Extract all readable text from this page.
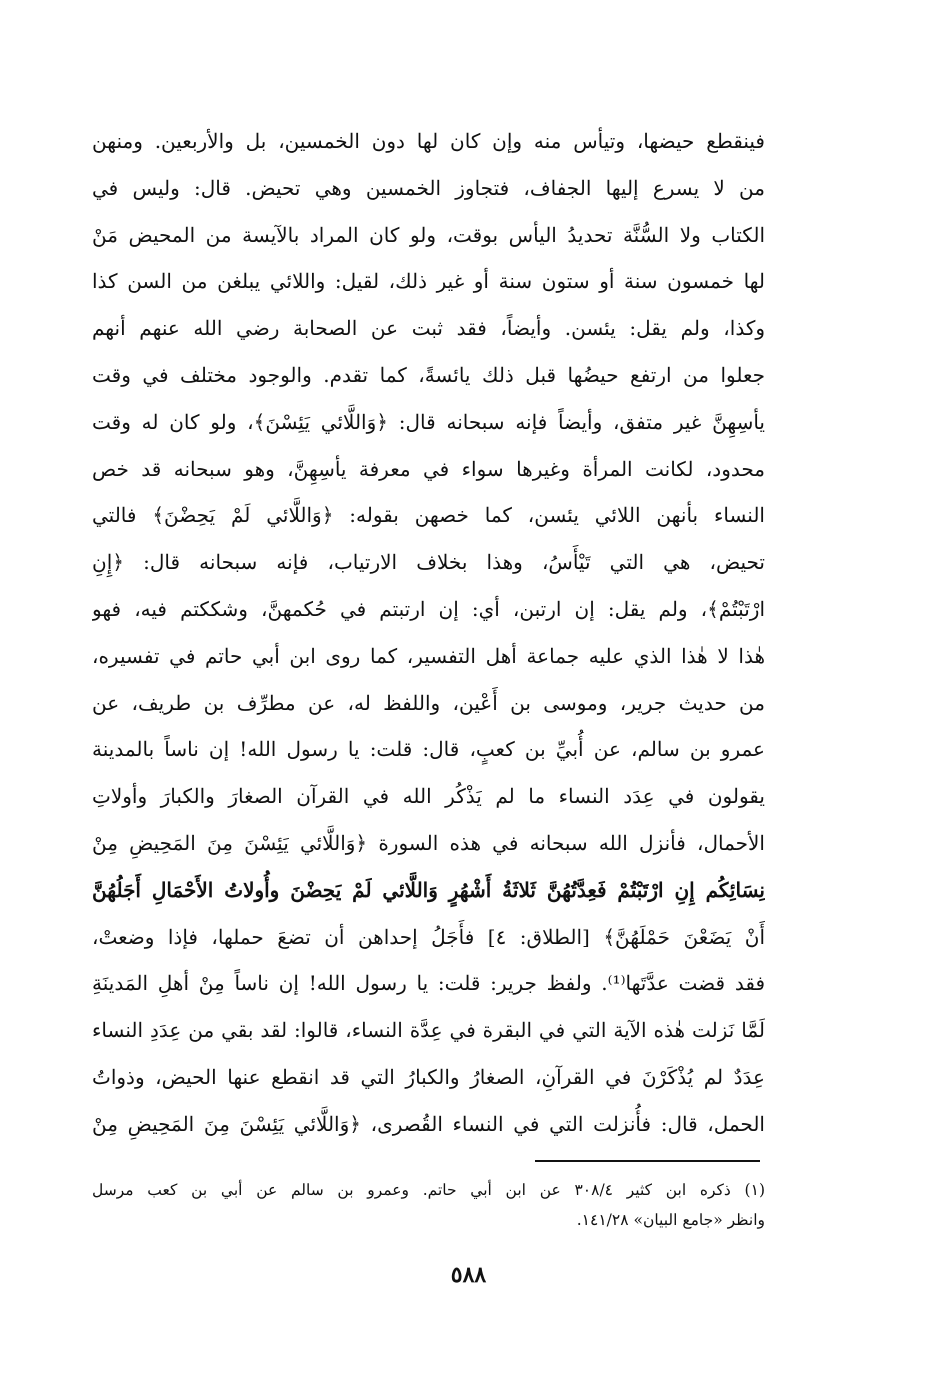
فينقطع حيضها، وتيأس منه وإن كان لها دون الخمسين، بل والأربعين. ومنهن
من لا يسرع إليها الجفاف، فتجاوز الخمسين وهي تحيض. قال: وليس في
الكتاب ولا السُّنَّة تحديدُ اليأس بوقت، ولو كان المراد بالآيسة من المحيض مَنْ
لها خمسون سنة أو ستون سنة أو غير ذلك، لقيل: واللائي يبلغن من السن كذا
وكذا، ولم يقل: يئسن. وأيضاً، فقد ثبت عن الصحابة رضي الله عنهم أنهم
جعلوا من ارتفع حيضُها قبل ذلك يائسةً، كما تقدم. والوجود مختلف في وقت
يأسِهِنَّ غير متفق، وأيضاً فإنه سبحانه قال: ﴿وَاللَّائي يَئِسْنَ﴾، ولو كان له وقت
محدود، لكانت المرأة وغيرها سواء في معرفة يأسِهِنَّ، وهو سبحانه قد خص
النساء بأنهن اللائي يئسن، كما خصهن بقوله: ﴿وَاللَّائي لَمْ يَحِضْنَ﴾ فالتي
تحيض، هي التي تَيْأَسُ، وهذا بخلاف الارتياب، فإنه سبحانه قال: ﴿إِنِ
ارْتَبْتُمْ﴾، ولم يقل: إن ارتبن، أي: إن ارتبتم في حُكمهنَّ، وشككتم فيه، فهو
هٰذا لا هٰذا الذي عليه جماعة أهل التفسير، كما روى ابن أبي حاتم في تفسيره،
من حديث جرير، وموسى بن أَعْين، واللفظ له، عن مطرِّف بن طريف، عن
عمرو بن سالم، عن أُبيِّ بن كعبٍ، قال: قلت: يا رسول الله! إن ناساً بالمدينة
يقولون في عِدَد النساء ما لم يَذْكُر الله في القرآن الصغارَ والكبارَ وأولاتِ
الأحمال، فأنزل الله سبحانه في هذه السورة ﴿وَاللَّائي يَئِسْنَ مِنَ المَحِيضِ مِنْ
نِسَائِكُم إِنِ ارْتَبْتُمْ فَعِدَّتُهُنَّ ثَلاثَةُ أَشْهُرٍ وَاللَّائي لَمْ يَحِضْنَ وأُولاتُ الأَحْمَالِ أَجَلُهُنَّ
أَنْ يَضَعْنَ حَمْلَهُنَّ﴾ [الطلاق: ٤] فأَجَلُ إحداهن أن تضعَ حملها، فإذا وضعتْ،
فقد قضت عدَّتَها⁽¹⁾. ولفظ جرير: قلت: يا رسول الله! إن ناساً مِنْ أهلِ المَدينَةِ
لَمَّا نَزلت هٰذه الآية التي في البقرة في عِدَّة النساء، قالوا: لقد بقي من عِدَدِ النساء
عِدَدٌ لم يُذْكَرْنَ في القرآنِ، الصغارُ والكبارُ التي قد انقطع عنها الحيض، وذواتُ
الحمل، قال: فأُنزلت التي في النساء القُصرى، ﴿وَاللَّائي يَئِسْنَ مِنَ المَحِيضِ مِنْ
(١) ذكره ابن كثير ٣٠٨/٤ عن ابن أبي حاتم. وعمرو بن سالم عن أبي بن كعب مرسل
وانظر «جامع البيان» ١٤١/٢٨.
٥٨٨
